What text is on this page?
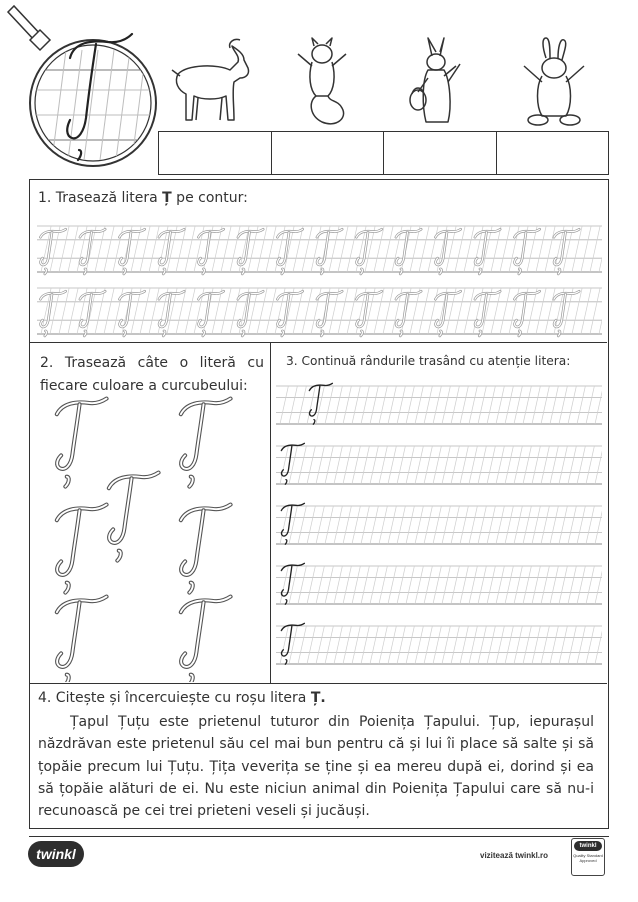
1. Trasează litera Ț pe contur:
2. Trasează câte o literă cu fiecare culoare a curcubeului:
3. Continuă rândurile trasând cu atenție litera:
4. Citește și încercuiește cu roșu litera Ț.
Țapul Țuțu este prietenul tuturor din Poienița Țapului. Țup, iepurașul năzdrăvan este prietenul său cel mai bun pentru că și lui îi place să salte și să țopăie precum lui Țuțu. Țița veverița se ține și ea mereu după ei, dorind și ea să țopăie alături de ei. Nu este niciun animal din Poienița Țapului care să nu-i recunoască pe cei trei prieteni veseli și jucăuși.
twinkl	vizitează twinkl.ro
twinkl
Quality Standard
Approved
